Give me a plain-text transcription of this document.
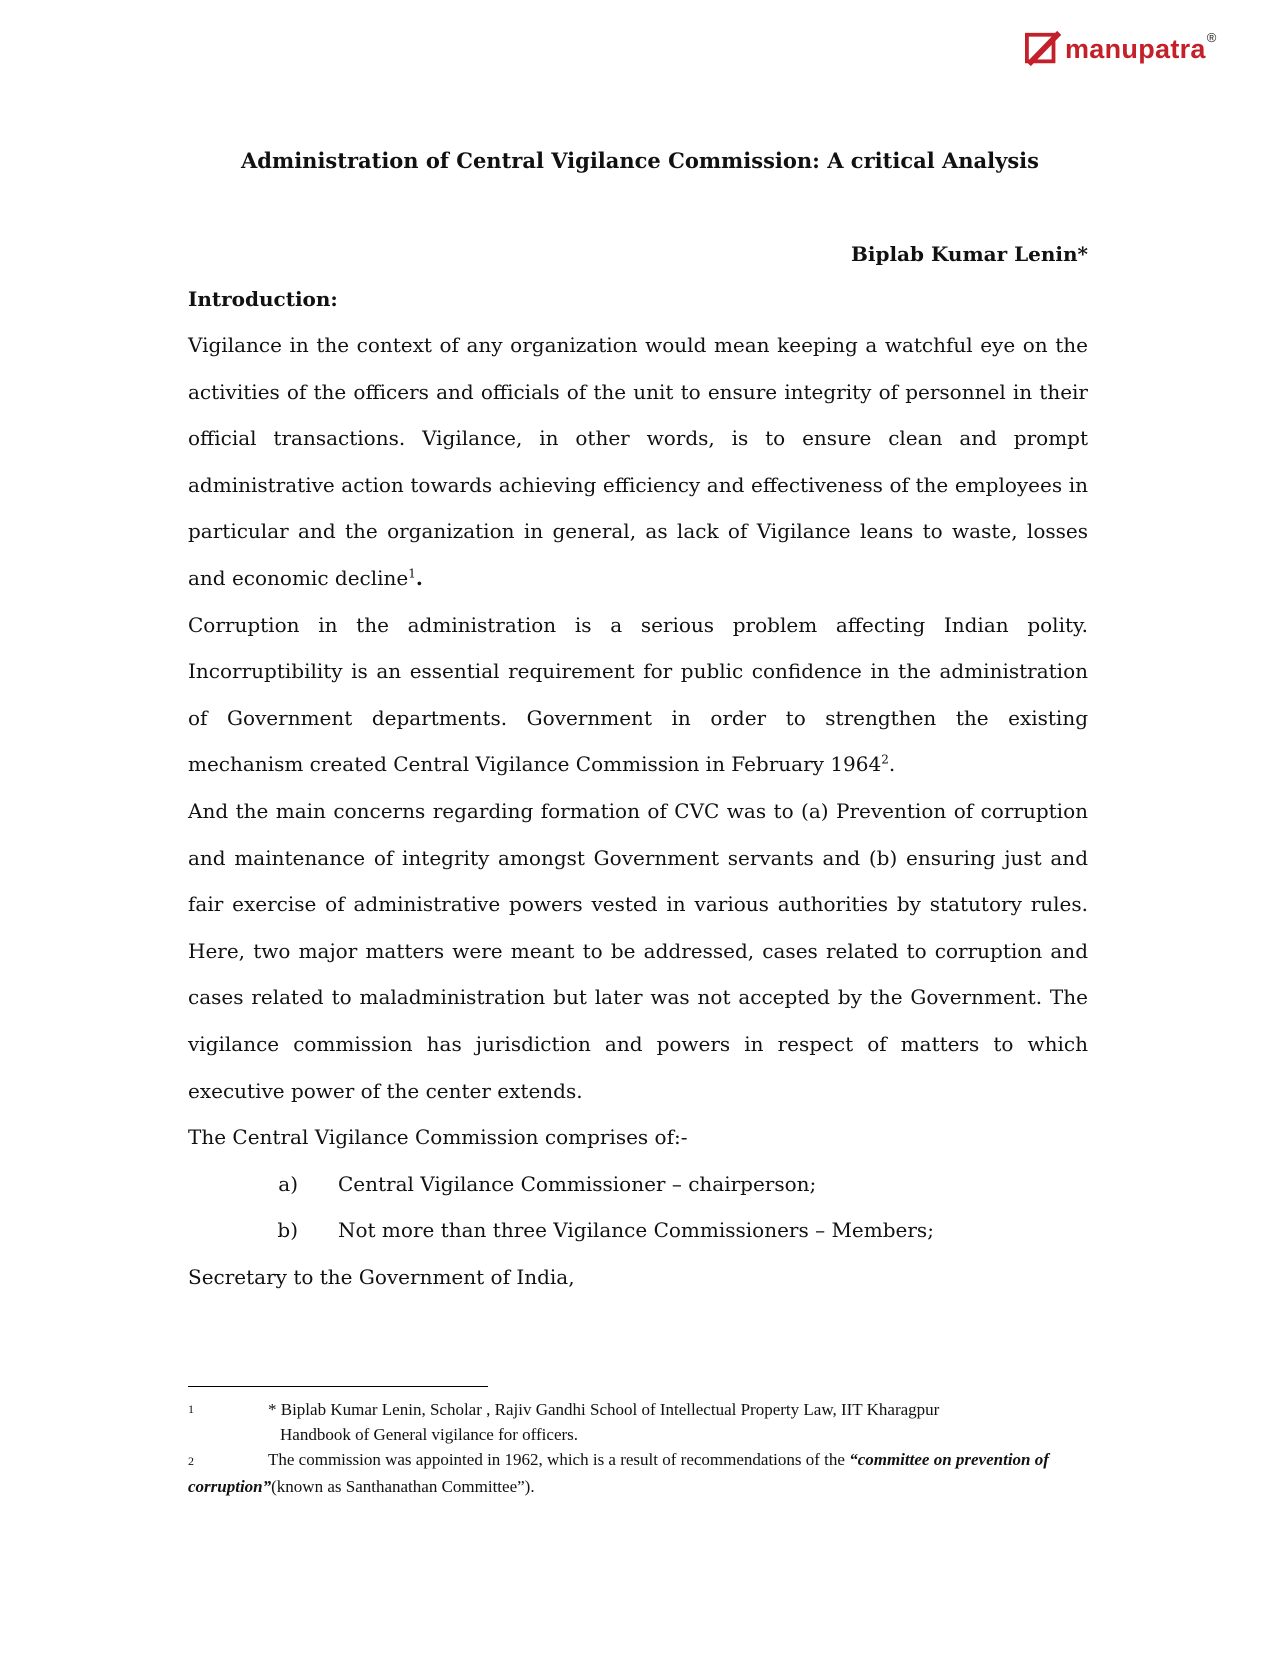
manupatra ®
Administration of Central Vigilance Commission: A critical Analysis
Biplab Kumar Lenin*
Introduction:

Vigilance in the context of any organization would mean keeping a watchful eye on the activities of the officers and officials of the unit to ensure integrity of personnel in their official transactions. Vigilance, in other words, is to ensure clean and prompt administrative action towards achieving efficiency and effectiveness of the employees in particular and the organization in general, as lack of Vigilance leans to waste, losses and economic decline$^1$.

Corruption in the administration is a serious problem affecting Indian polity. Incorruptibility is an essential requirement for public confidence in the administration of Government departments. Government in order to strengthen the existing mechanism created Central Vigilance Commission in February 1964$^2$.

And the main concerns regarding formation of CVC was to (a) Prevention of corruption and maintenance of integrity amongst Government servants and (b) ensuring just and fair exercise of administrative powers vested in various authorities by statutory rules. Here, two major matters were meant to be addressed, cases related to corruption and cases related to maladministration but later was not accepted by the Government. The vigilance commission has jurisdiction and powers in respect of matters to which executive power of the center extends.

The Central Vigilance Commission comprises of:-

a)	Central Vigilance Commissioner – chairperson;
b)	Not more than three Vigilance Commissioners – Members;

Secretary to the Government of India,

1	* Biplab Kumar Lenin, Scholar , Rajiv Gandhi School of Intellectual Property Law, IIT Kharagpur
Handbook of General vigilance for officers.
2	The commission was appointed in 1962, which is a result of recommendations of the “committee on prevention of corruption”(known as Santhanathan Committee”).
